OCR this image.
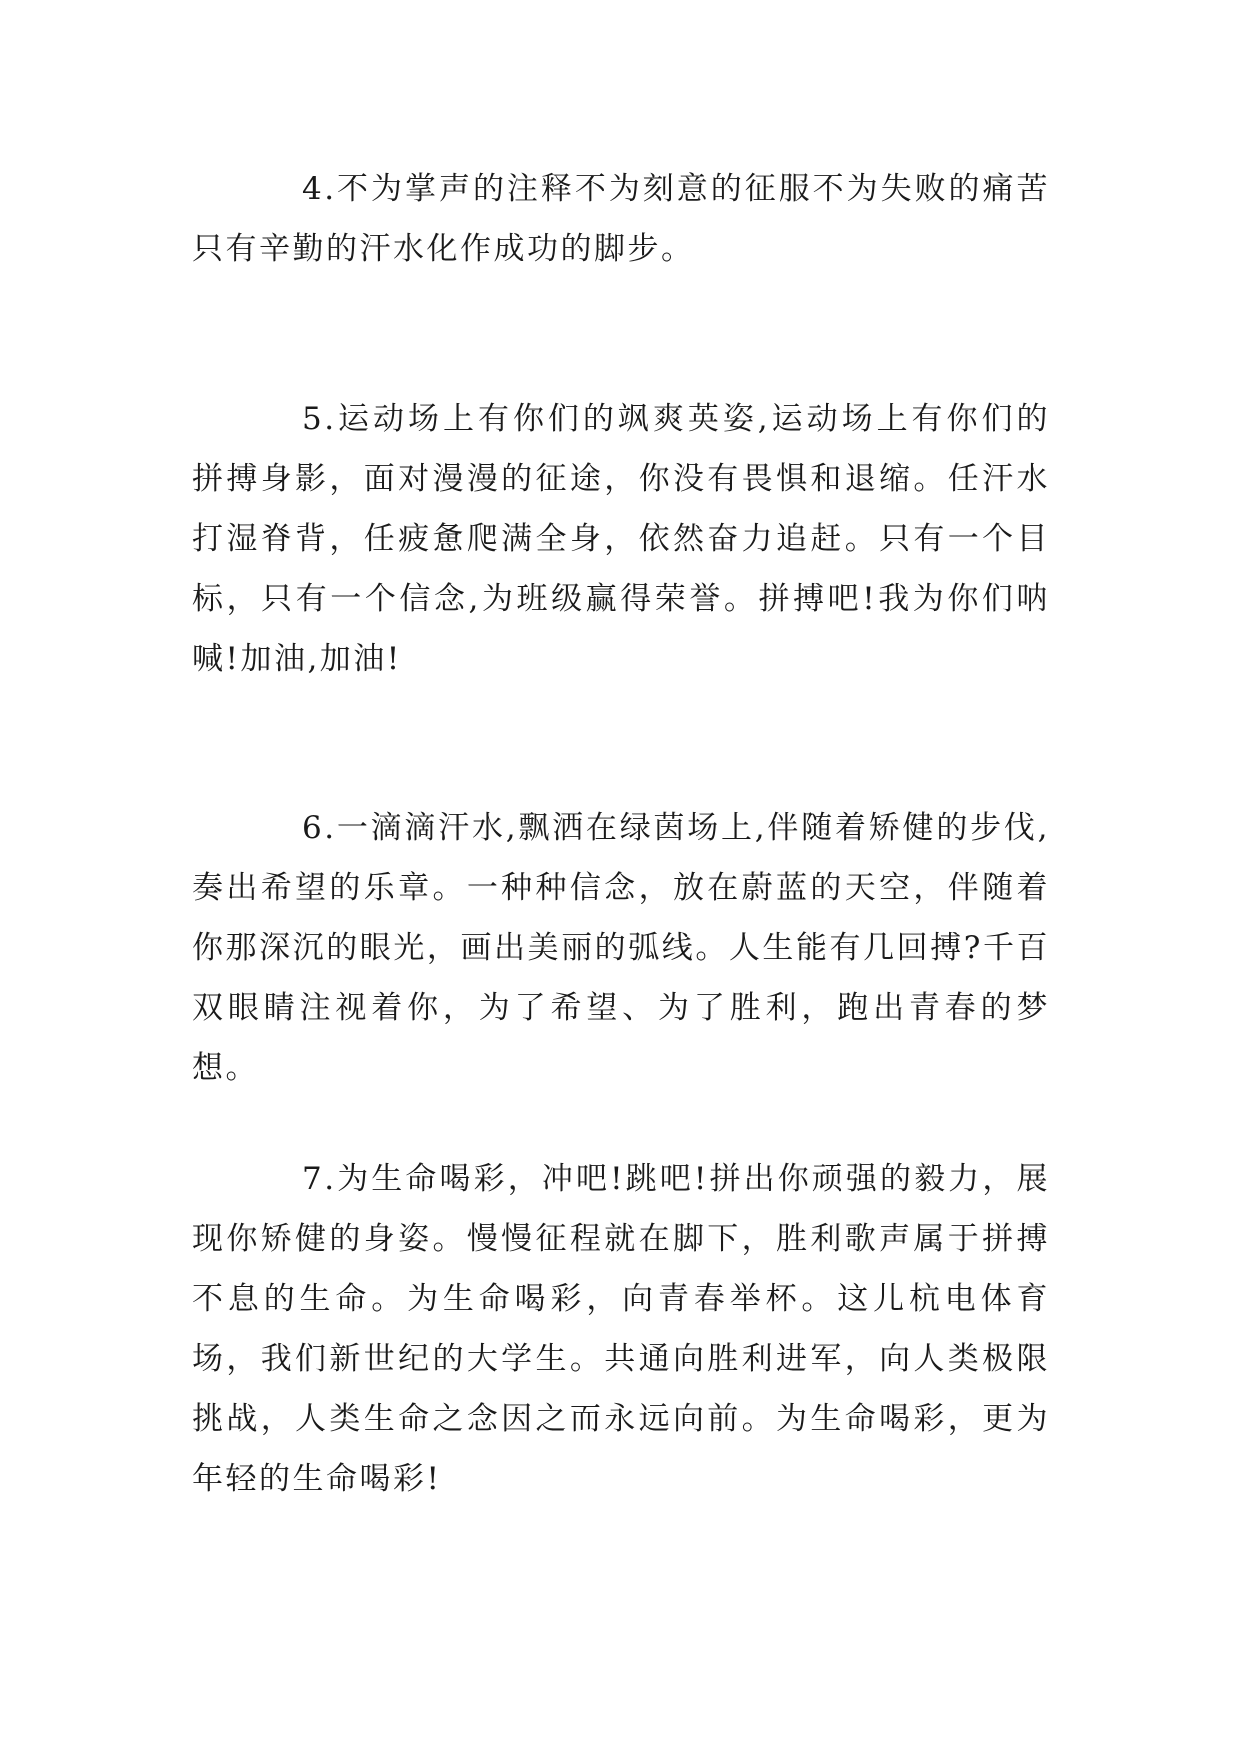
4.不为掌声的注释不为刻意的征服不为失败的痛苦只有辛勤的汗水化作成功的脚步。

5.运动场上有你们的飒爽英姿,运动场上有你们的拼搏身影，面对漫漫的征途，你没有畏惧和退缩。任汗水打湿脊背，任疲惫爬满全身，依然奋力追赶。只有一个目标，只有一个信念,为班级赢得荣誉。拼搏吧!我为你们呐喊!加油,加油!

6.一滴滴汗水,飘洒在绿茵场上,伴随着矫健的步伐,奏出希望的乐章。一种种信念，放在蔚蓝的天空，伴随着你那深沉的眼光，画出美丽的弧线。人生能有几回搏?千百双眼睛注视着你，为了希望、为了胜利，跑出青春的梦想。

7.为生命喝彩，冲吧!跳吧!拼出你顽强的毅力，展现你矫健的身姿。慢慢征程就在脚下，胜利歌声属于拼搏不息的生命。为生命喝彩，向青春举杯。这儿杭电体育场，我们新世纪的大学生。共通向胜利进军，向人类极限挑战，人类生命之念因之而永远向前。为生命喝彩，更为年轻的生命喝彩!
